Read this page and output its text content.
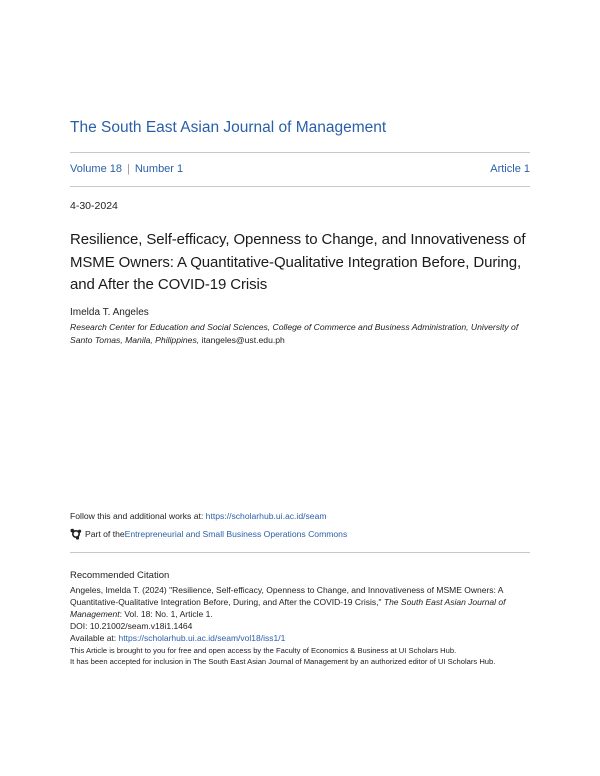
The South East Asian Journal of Management
Volume 18 | Number 1	Article 1
4-30-2024
Resilience, Self-efficacy, Openness to Change, and Innovativeness of MSME Owners: A Quantitative-Qualitative Integration Before, During, and After the COVID-19 Crisis
Imelda T. Angeles
Research Center for Education and Social Sciences, College of Commerce and Business Administration, University of Santo Tomas, Manila, Philippines, itangeles@ust.edu.ph
Follow this and additional works at: https://scholarhub.ui.ac.id/seam
Part of the Entrepreneurial and Small Business Operations Commons
Recommended Citation

Angeles, Imelda T. (2024) "Resilience, Self-efficacy, Openness to Change, and Innovativeness of MSME Owners: A Quantitative-Qualitative Integration Before, During, and After the COVID-19 Crisis," The South East Asian Journal of Management: Vol. 18: No. 1, Article 1.

DOI: 10.21002/seam.v18i1.1464

Available at: https://scholarhub.ui.ac.id/seam/vol18/iss1/1

This Article is brought to you for free and open access by the Faculty of Economics & Business at UI Scholars Hub.

It has been accepted for inclusion in The South East Asian Journal of Management by an authorized editor of UI Scholars Hub.
